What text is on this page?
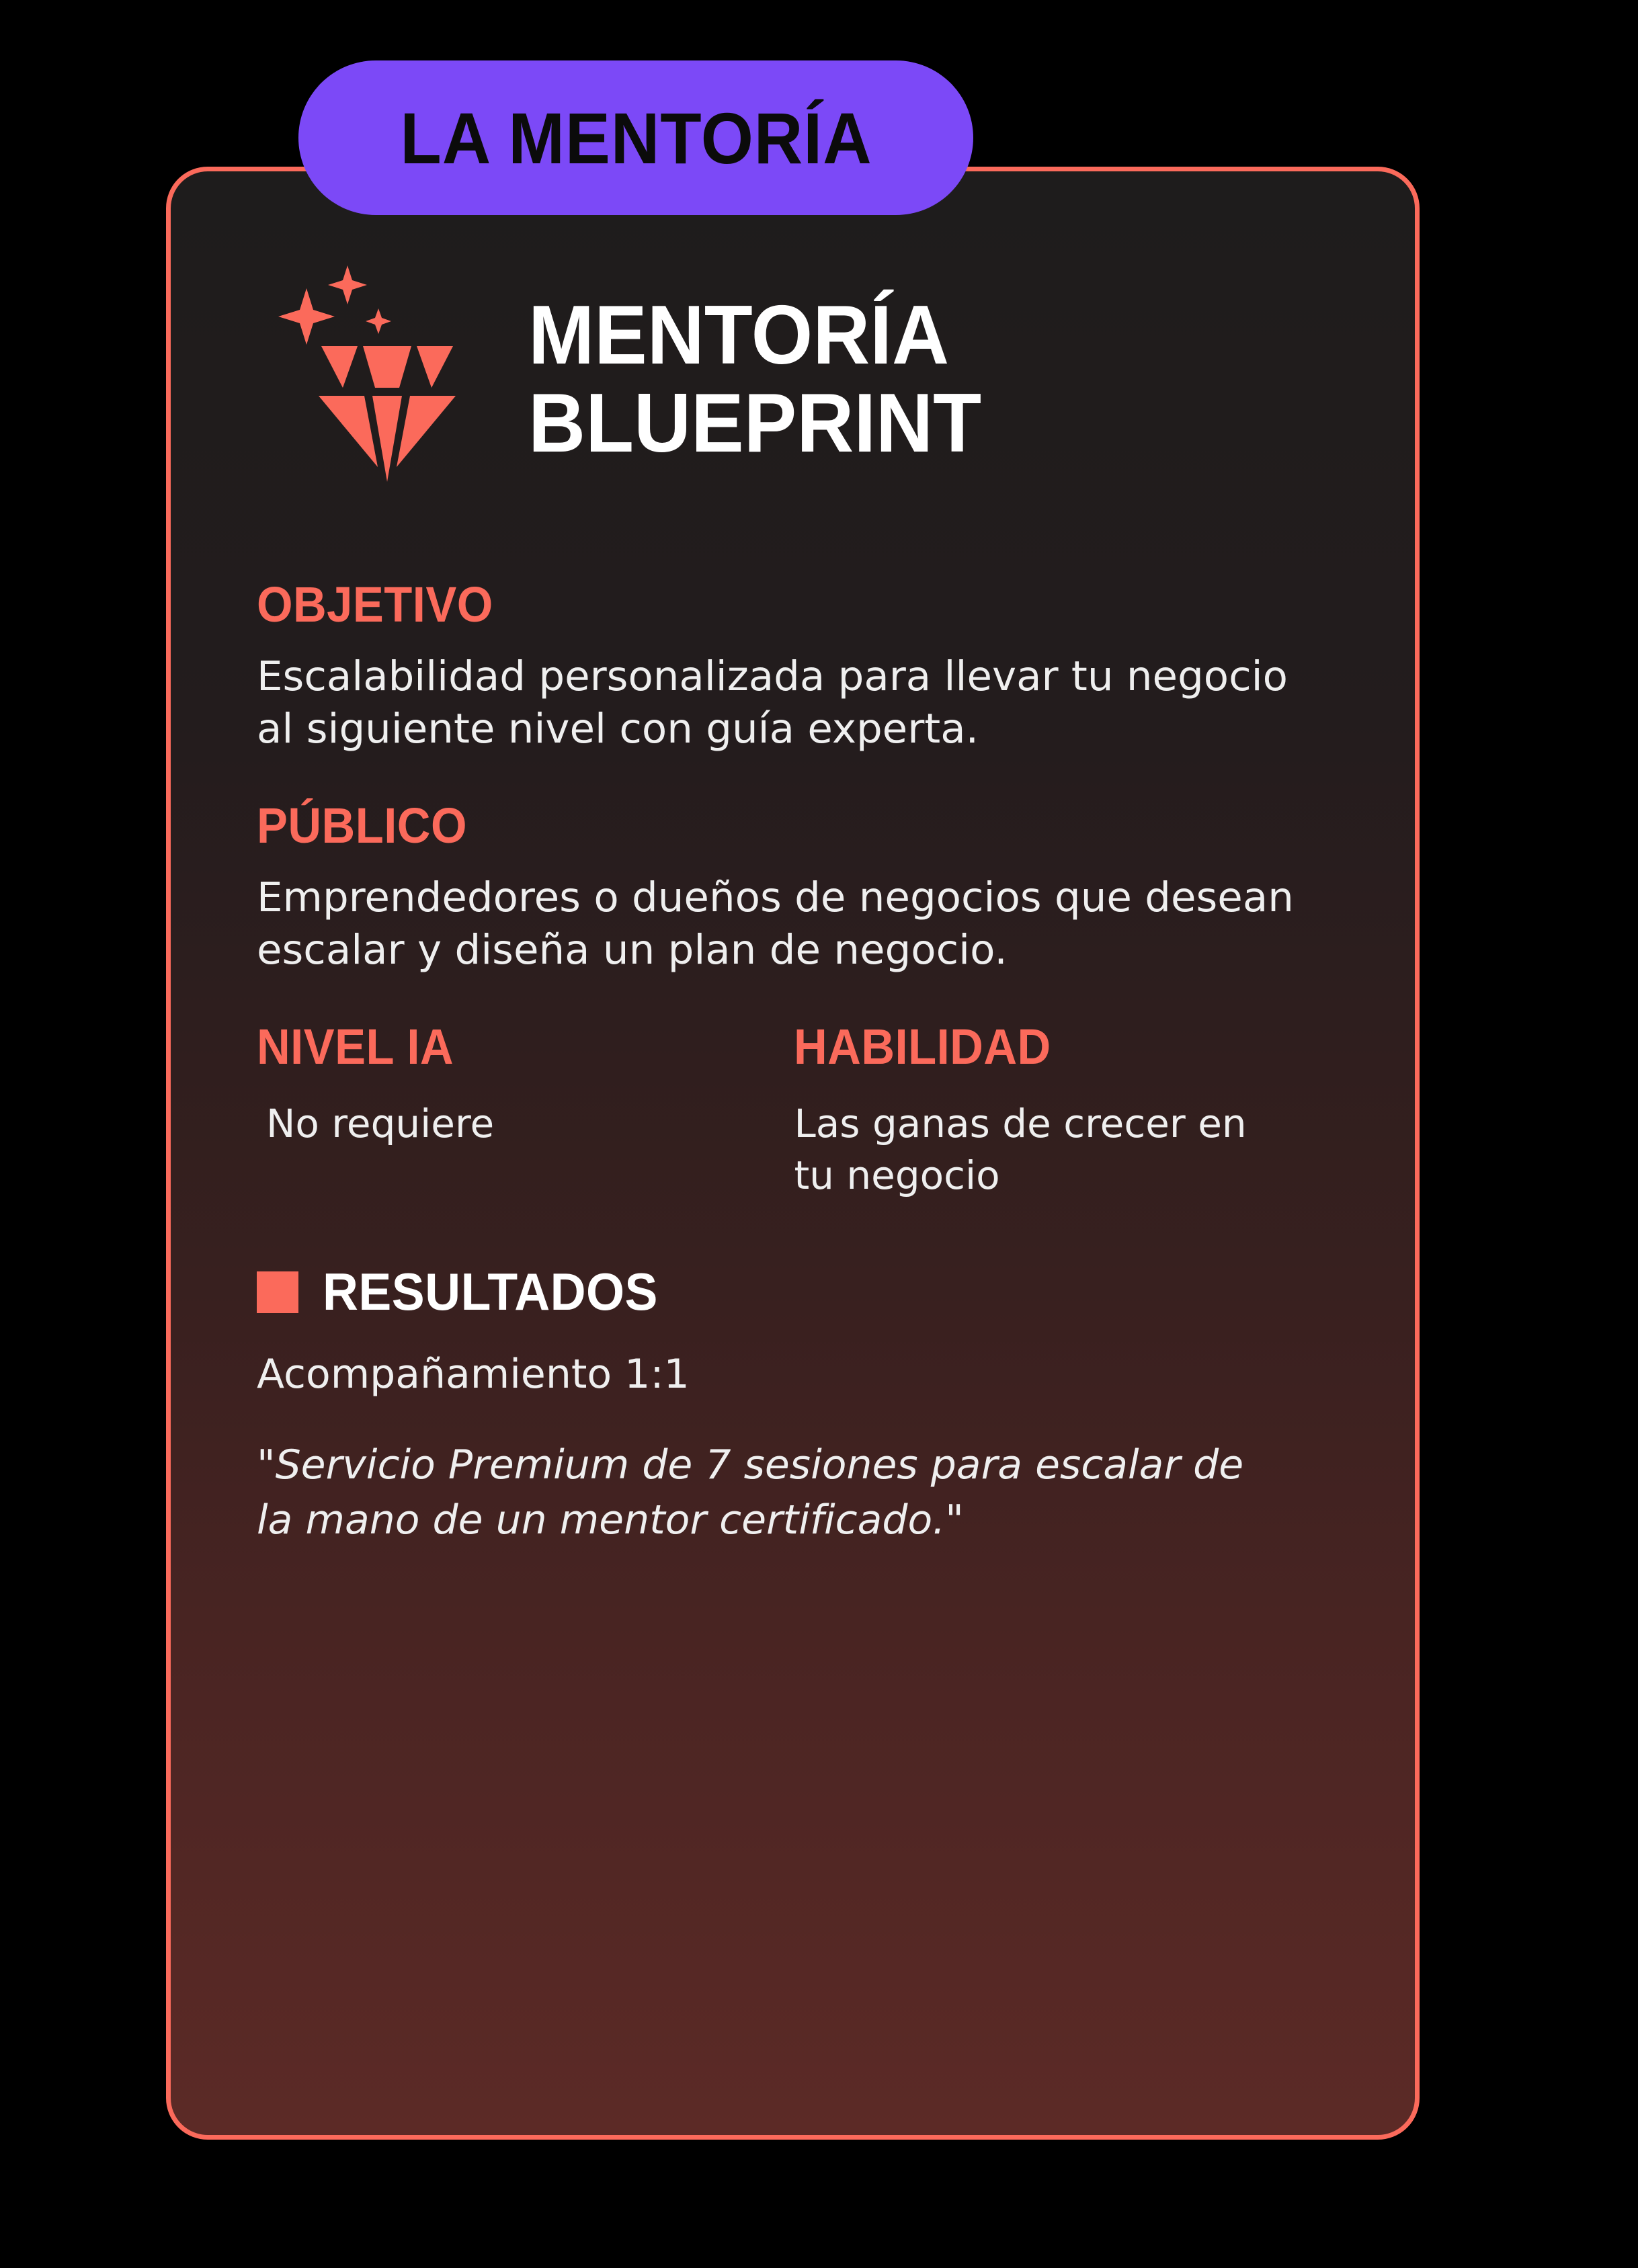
LA MENTORÍA
MENTORÍA
BLUEPRINT
OBJETIVO

Escalabilidad personalizada para llevar tu negocio al siguiente nivel con guía experta.

PÚBLICO

Emprendedores o dueños de negocios que desean escalar y diseña un plan de negocio.

NIVEL IA

No requiere

HABILIDAD

Las ganas de crecer en tu negocio

RESULTADOS

Acompañamiento 1:1

"Servicio Premium de 7 sesiones para escalar de la mano de un mentor certificado."
